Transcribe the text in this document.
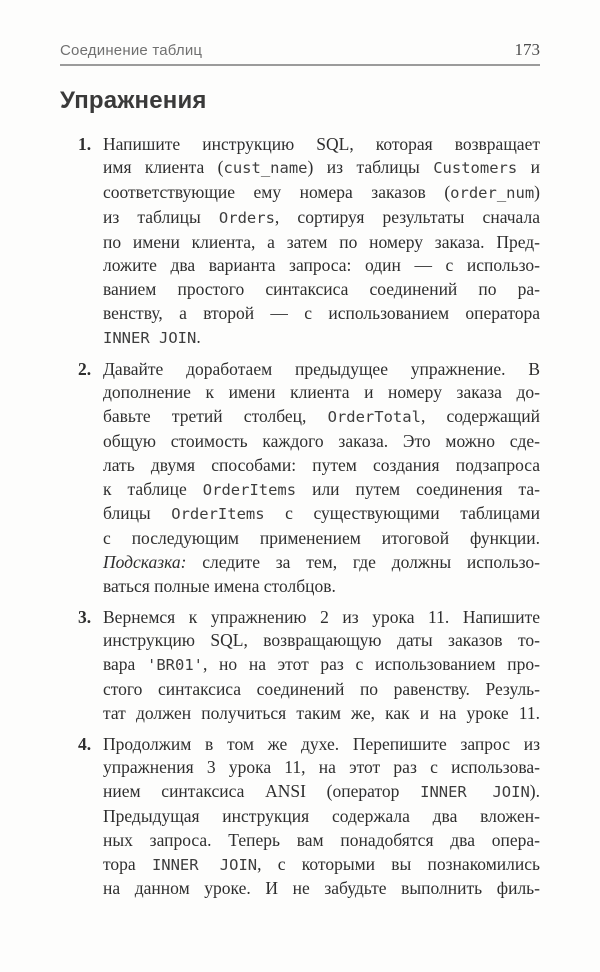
Соединение таблиц	173
Упражнения
1. Напишите инструкцию SQL, которая возвращает
имя клиента (cust_name) из таблицы Customers и
соответствующие ему номера заказов (order_num)
из таблицы Orders, сортируя результаты сначала
по имени клиента, а затем по номеру заказа. Пред-
ложите два варианта запроса: один — с использо-
ванием простого синтаксиса соединений по ра-
венству, а второй — с использованием оператора
INNER JOIN.
2. Давайте доработаем предыдущее упражнение. В
дополнение к имени клиента и номеру заказа до-
бавьте третий столбец, OrderTotal, содержащий
общую стоимость каждого заказа. Это можно сде-
лать двумя способами: путем создания подзапроса
к таблице OrderItems или путем соединения та-
блицы OrderItems с существующими таблицами
с последующим применением итоговой функции.
Подсказка: следите за тем, где должны использо-
ваться полные имена столбцов.
3. Вернемся к упражнению 2 из урока 11. Напишите
инструкцию SQL, возвращающую даты заказов то-
вара 'BR01', но на этот раз с использованием про-
стого синтаксиса соединений по равенству. Резуль-
тат должен получиться таким же, как и на уроке 11.
4. Продолжим в том же духе. Перепишите запрос из
упражнения 3 урока 11, на этот раз с использова-
нием синтаксиса ANSI (оператор INNER JOIN).
Предыдущая инструкция содержала два вложен-
ных запроса. Теперь вам понадобятся два опера-
тора INNER JOIN, с которыми вы познакомились
на данном уроке. И не забудьте выполнить филь-
